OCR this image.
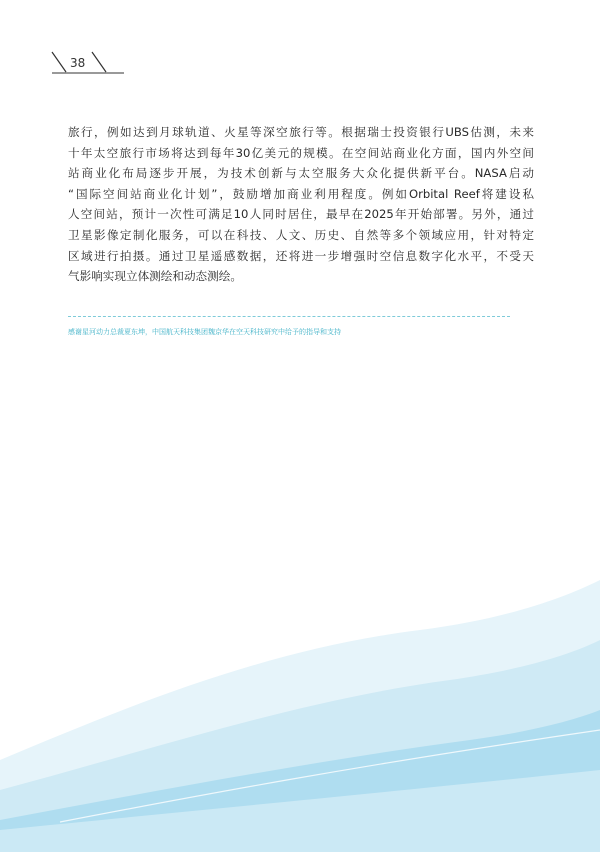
38
旅行，例如达到月球轨道、火星等深空旅行等。根据瑞士投资银行UBS估测，未来
十年太空旅行市场将达到每年30亿美元的规模。在空间站商业化方面，国内外空间
站商业化布局逐步开展，为技术创新与太空服务大众化提供新平台。NASA启动
“国际空间站商业化计划”，鼓励增加商业利用程度。例如Orbital Reef将建设私
人空间站，预计一次性可满足10人同时居住，最早在2025年开始部署。另外，通过
卫星影像定制化服务，可以在科技、人文、历史、自然等多个领域应用，针对特定
区域进行拍摄。通过卫星遥感数据，还将进一步增强时空信息数字化水平，不受天
气影响实现立体测绘和动态测绘。
感谢星河动力总裁夏东坤，中国航天科技集团魏京华在空天科技研究中给予的指导和支持
